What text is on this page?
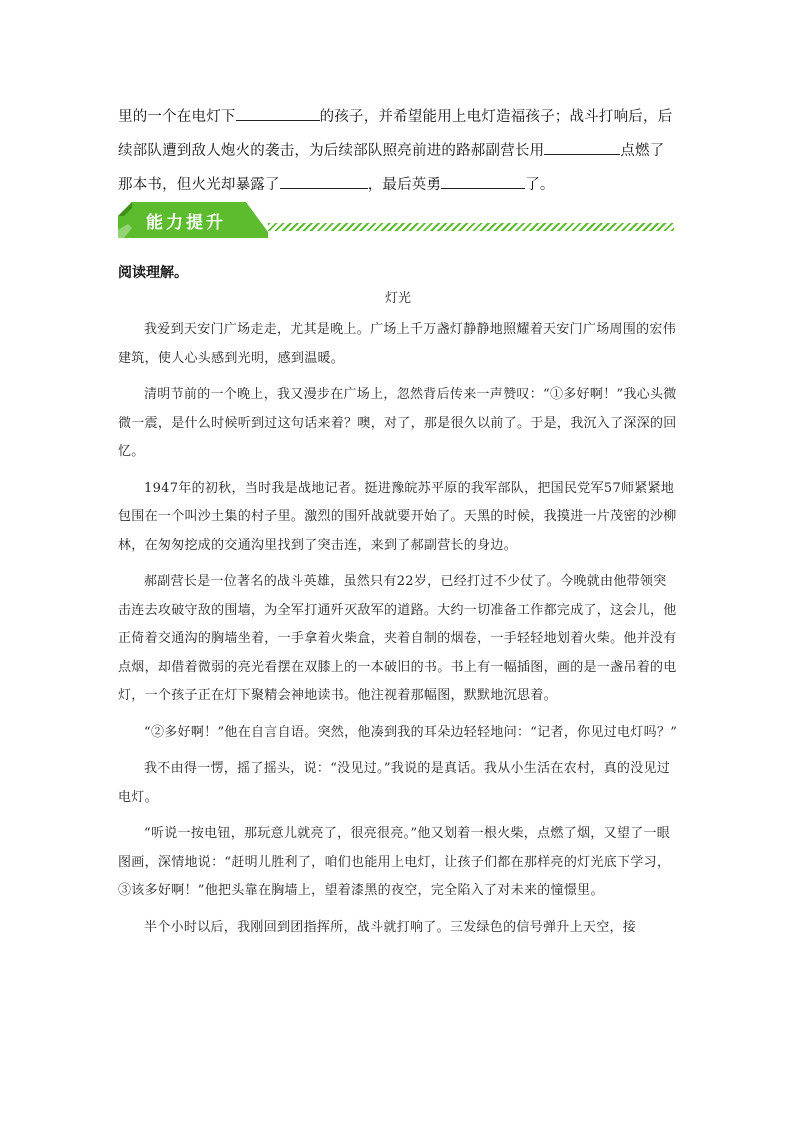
里的一个在电灯下	的孩子，并希望能用上电灯造福孩子；战斗打响后，后续部队遭到敌人炮火的袭击，为后续部队照亮前进的路郝副营长用	点燃了那本书，但火光却暴露了	，最后英勇	了。
能力提升
阅读理解。
灯光

我爱到天安门广场走走，尤其是晚上。广场上千万盏灯静静地照耀着天安门广场周围的宏伟建筑，使人心头感到光明，感到温暖。

清明节前的一个晚上，我又漫步在广场上，忽然背后传来一声赞叹：“①多好啊！”我心头微微一震，是什么时候听到过这句话来着？噢，对了，那是很久以前了。于是，我沉入了深深的回忆。

1947年的初秋，当时我是战地记者。挺进豫皖苏平原的我军部队，把国民党军57师紧紧地包围在一个叫沙土集的村子里。激烈的围歼战就要开始了。天黑的时候，我摸进一片茂密的沙柳林，在匆匆挖成的交通沟里找到了突击连，来到了郝副营长的身边。

郝副营长是一位著名的战斗英雄，虽然只有22岁，已经打过不少仗了。今晚就由他带领突击连去攻破守敌的围墙，为全军打通歼灭敌军的道路。大约一切准备工作都完成了，这会儿，他正倚着交通沟的胸墙坐着，一手拿着火柴盒，夹着自制的烟卷，一手轻轻地划着火柴。他并没有点烟，却借着微弱的亮光看摆在双膝上的一本破旧的书。书上有一幅插图，画的是一盏吊着的电灯，一个孩子正在灯下聚精会神地读书。他注视着那幅图，默默地沉思着。

“②多好啊！”他在自言自语。突然，他凑到我的耳朵边轻轻地问：“记者，你见过电灯吗？”

我不由得一愣，摇了摇头，说：“没见过。”我说的是真话。我从小生活在农村，真的没见过电灯。

“听说一按电钮，那玩意儿就亮了，很亮很亮。”他又划着一根火柴，点燃了烟，又望了一眼图画，深情地说：“赶明儿胜利了，咱们也能用上电灯，让孩子们都在那样亮的灯光底下学习，③该多好啊！”他把头靠在胸墙上，望着漆黑的夜空，完全陷入了对未来的憧憬里。

半个小时以后，我刚回到团指挥所，战斗就打响了。三发绿色的信号弹升上天空，接
